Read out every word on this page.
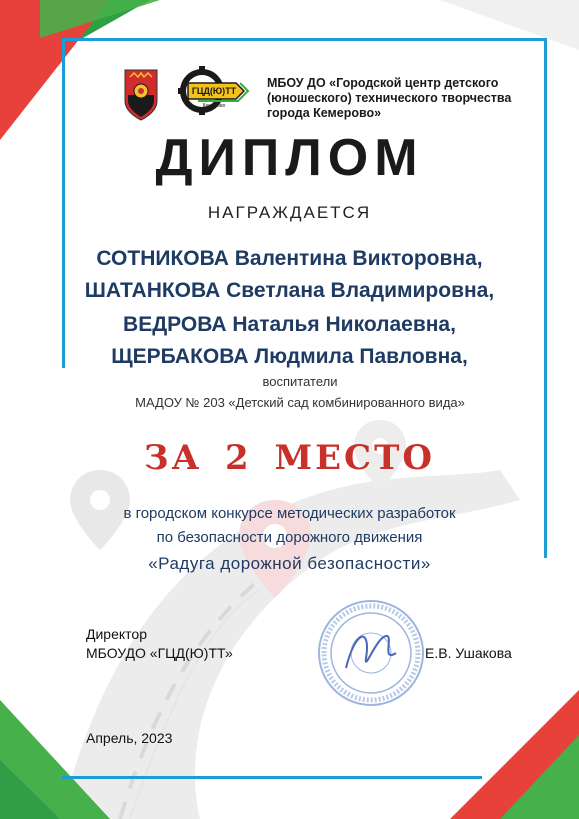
ГЦД(Ю)ТТ
Кемерово
МБОУ ДО «Городской центр детского
(юношеского) технического творчества
города Кемерово»
ДИПЛОМ
НАГРАЖДАЕТСЯ
СОТНИКОВА Валентина Викторовна,
ШАТАНКОВА Светлана Владимировна,
ВЕДРОВА Наталья Николаевна,
ЩЕРБАКОВА Людмила Павловна,
воспитатели
МАДОУ № 203 «Детский сад комбинированного вида»
ЗА 2 МЕСТО
в городском конкурсе методических разработок
по безопасности дорожного движения
«Радуга дорожной безопасности»
Директор
МБОУДО «ГЦД(Ю)ТТ»	Е.В. Ушакова
Апрель, 2023
